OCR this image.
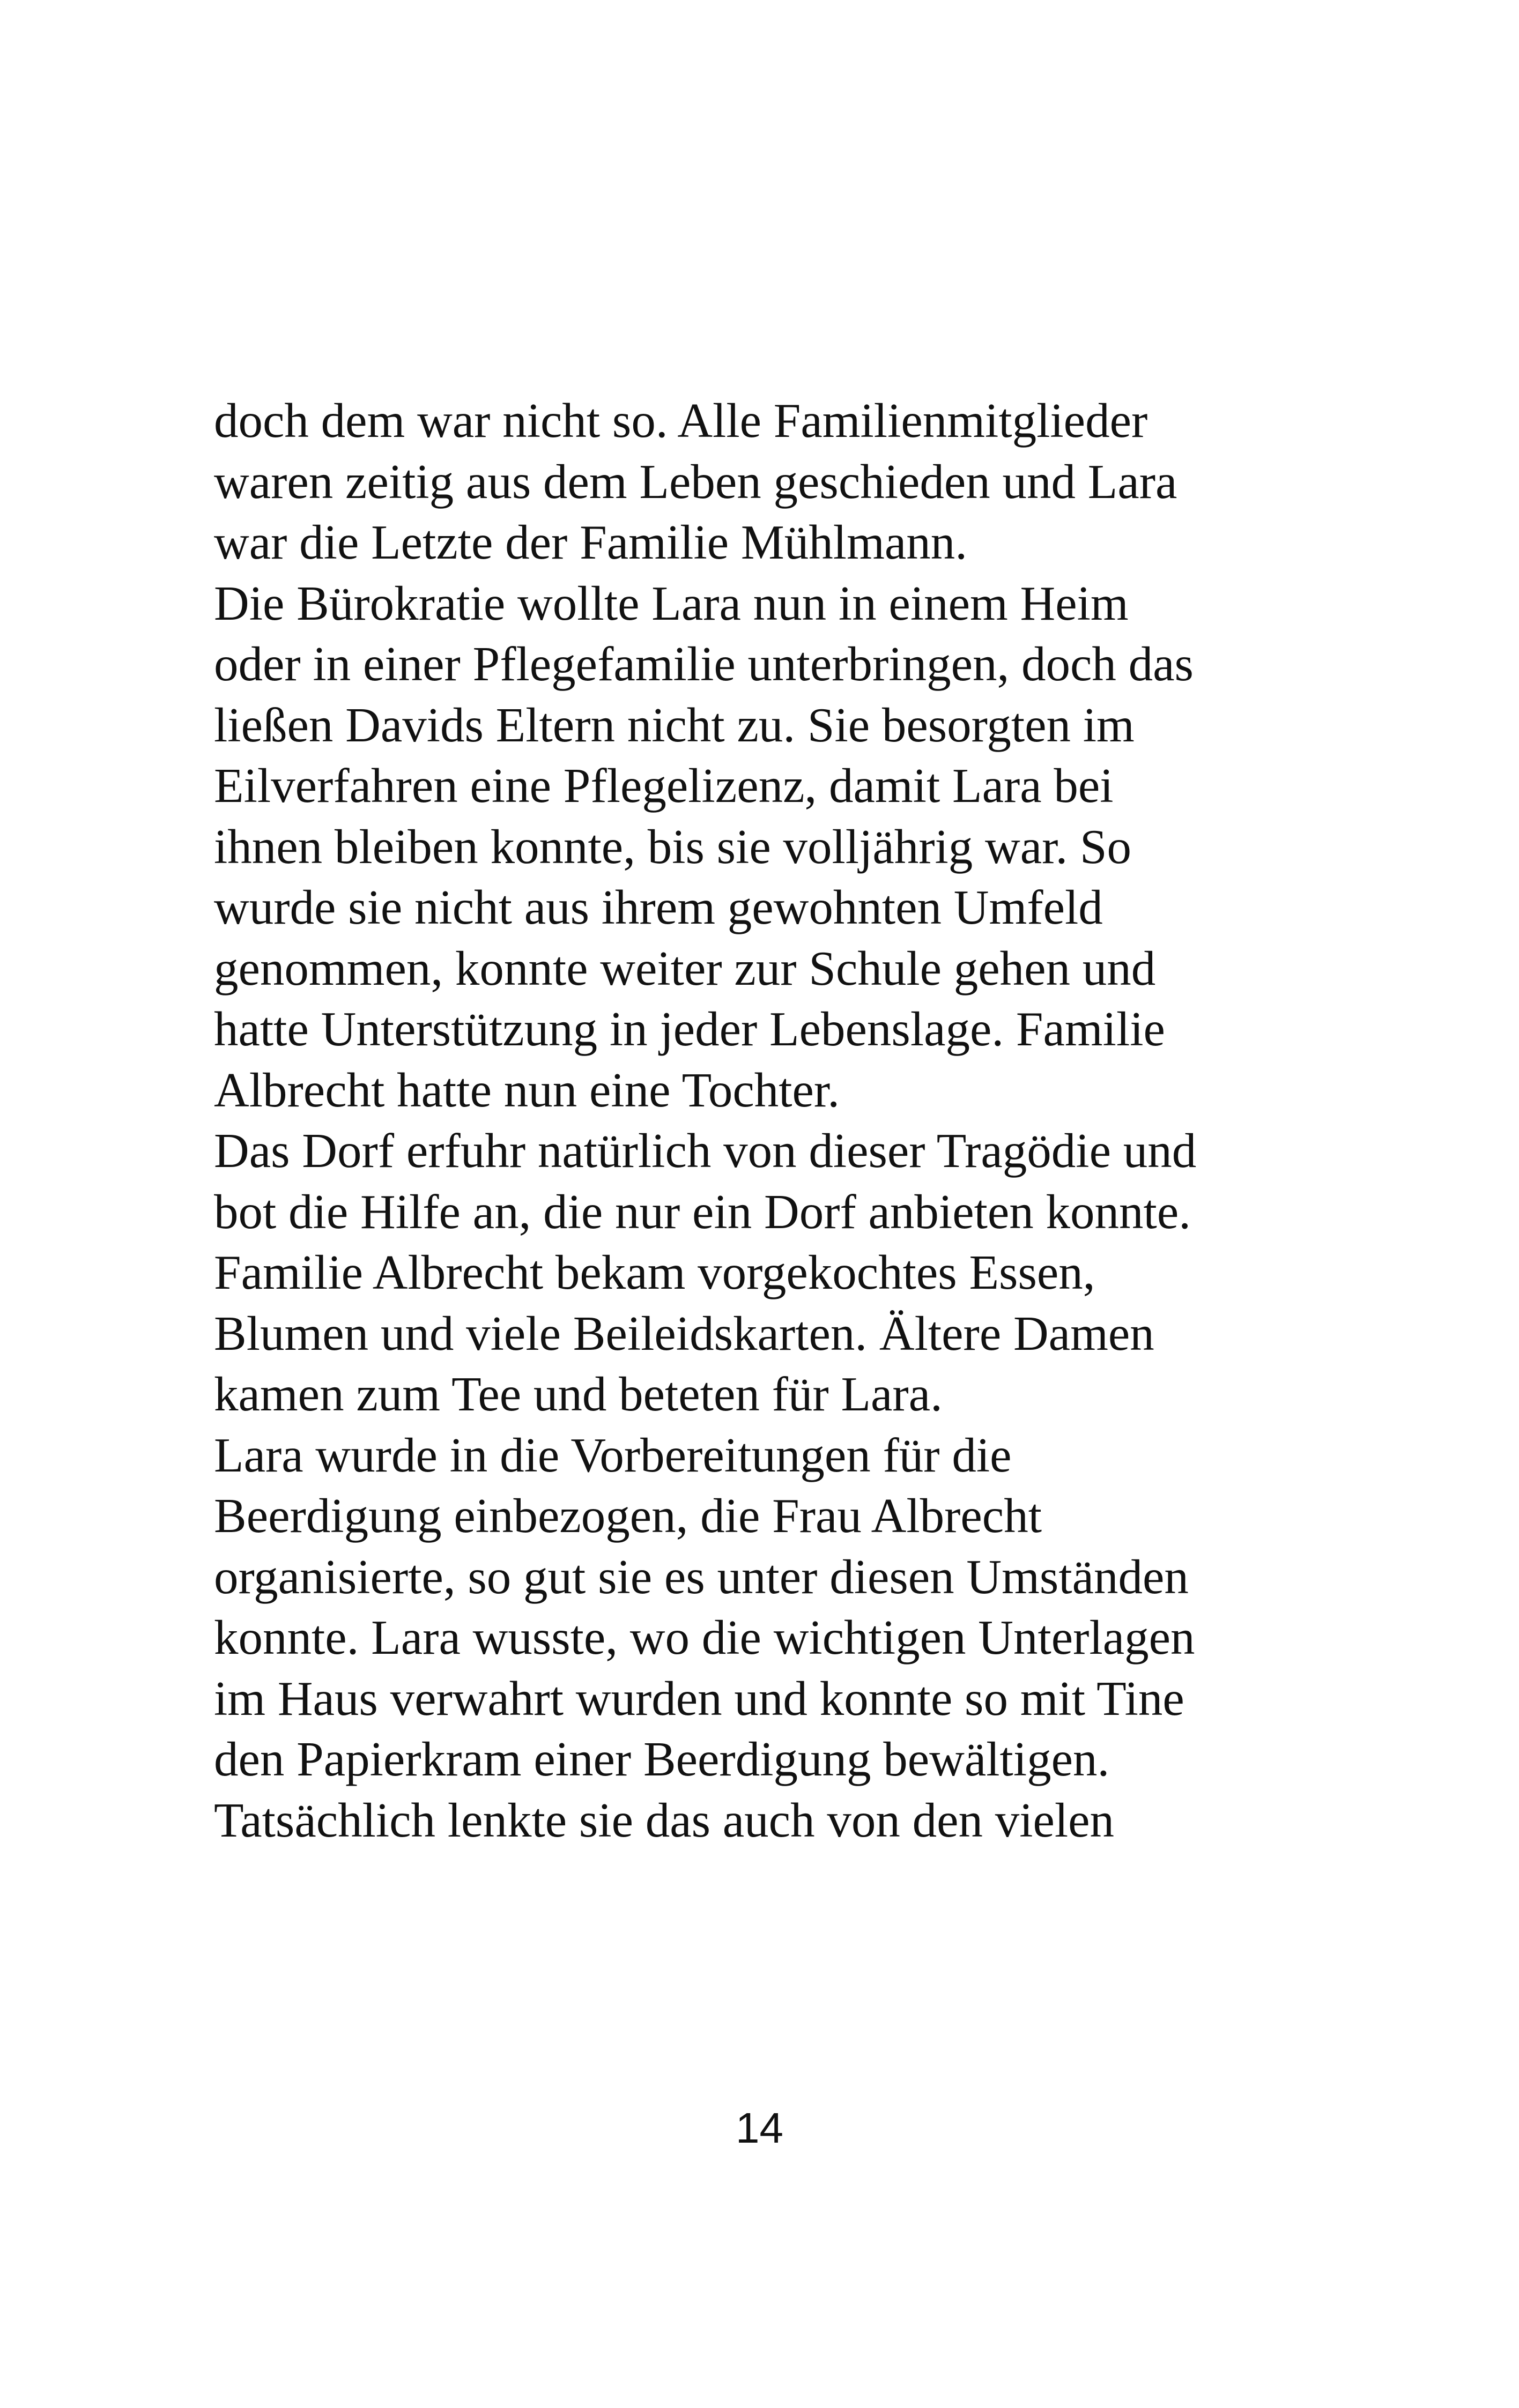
doch dem war nicht so. Alle Familienmitglieder
waren zeitig aus dem Leben geschieden und Lara
war die Letzte der Familie Mühlmann.
Die Bürokratie wollte Lara nun in einem Heim
oder in einer Pflegefamilie unterbringen, doch das
ließen Davids Eltern nicht zu. Sie besorgten im
Eilverfahren eine Pflegelizenz, damit Lara bei
ihnen bleiben konnte, bis sie volljährig war. So
wurde sie nicht aus ihrem gewohnten Umfeld
genommen, konnte weiter zur Schule gehen und
hatte Unterstützung in jeder Lebenslage. Familie
Albrecht hatte nun eine Tochter.
Das Dorf erfuhr natürlich von dieser Tragödie und
bot die Hilfe an, die nur ein Dorf anbieten konnte.
Familie Albrecht bekam vorgekochtes Essen,
Blumen und viele Beileidskarten. Ältere Damen
kamen zum Tee und beteten für Lara.
Lara wurde in die Vorbereitungen für die
Beerdigung einbezogen, die Frau Albrecht
organisierte, so gut sie es unter diesen Umständen
konnte. Lara wusste, wo die wichtigen Unterlagen
im Haus verwahrt wurden und konnte so mit Tine
den Papierkram einer Beerdigung bewältigen.
Tatsächlich lenkte sie das auch von den vielen
14
